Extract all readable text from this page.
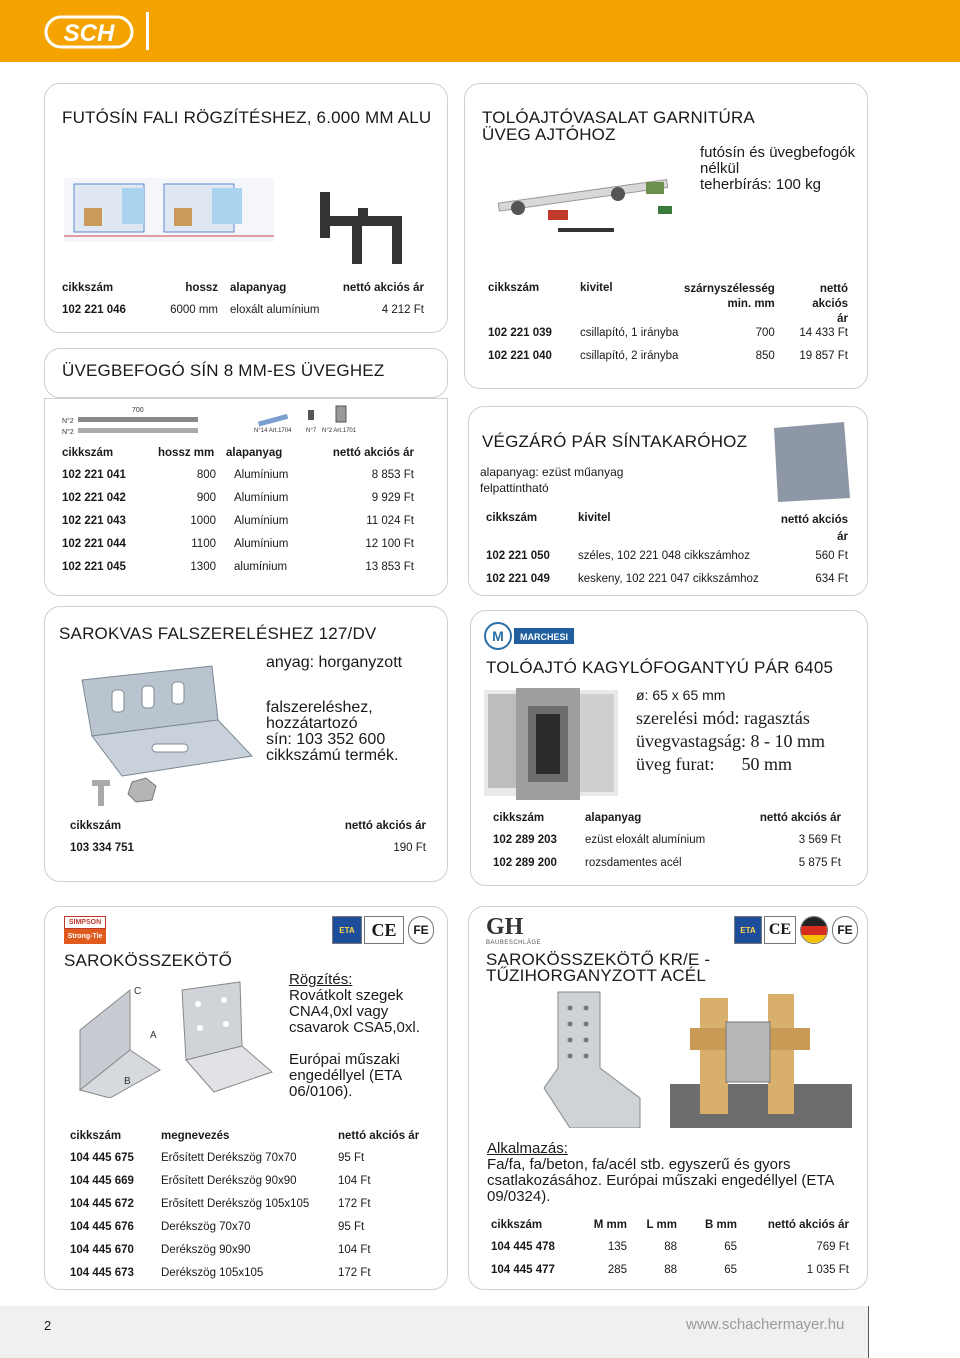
SCH
FUTÓSÍN FALI RÖGZÍTÉSHEZ, 6.000 MM ALU
cikkszám	hossz	alapanyag	nettó akciós ár
102 221 046	6000 mm	eloxált alumínium	4 212 Ft
ÜVEGBEFOGÓ SÍN 8 MM-ES ÜVEGHEZ
700
N°2
N°2	N°14 Art.1704 N°7 N°2 Art.1701
cikkszám	hossz mm	alapanyag	nettó akciós ár
102 221 041	800	Alumínium	8 853 Ft
102 221 042	900	Alumínium	9 929 Ft
102 221 043	1000	Alumínium	11 024 Ft
102 221 044	1100	Alumínium	12 100 Ft
102 221 045	1300	alumínium	13 853 Ft
TOLÓAJTÓVASALAT GARNITÚRA ÜVEG AJTÓHOZ
futósín és üvegbefogók
nélkül
teherbírás: 100 kg
cikkszám	kivitel	szárnyszélesség min. mm	nettó akciós ár
102 221 039	csillapító, 1 irányba	700	14 433 Ft
102 221 040	csillapító, 2 irányba	850	19 857 Ft
VÉGZÁRÓ PÁR SÍNTAKARÓHOZ
alapanyag: ezüst műanyag
felpattintható
cikkszám	kivitel	nettó akciós ár
102 221 050	széles, 102 221 048 cikkszámhoz	560 Ft
102 221 049	keskeny, 102 221 047 cikkszámhoz	634 Ft
SAROKVAS FALSZERELÉSHEZ 127/DV
anyag: horganyzott
falszereléshez,
hozzátartozó
sín: 103 352 600
cikkszámú termék.
cikkszám	nettó akciós ár
103 334 751	190 Ft
M MARCHESI
TOLÓAJTÓ KAGYLÓFOGANTYÚ PÁR 6405
ø: 65 x 65 mm
szerelési mód: ragasztás
üvegvastagság: 8 - 10 mm
üveg furat:      50 mm
cikkszám	alapanyag	nettó akciós ár
102 289 203	ezüst eloxált alumínium	3 569 Ft
102 289 200	rozsdamentes acél	5 875 Ft
SIMPSON
Strong-Tie
ETA CE	FE
SAROKÖSSZEKÖTŐ
C
A
B
Rögzítés:
Rovátkolt szegek
CNA4,0xl vagy
csavarok CSA5,0xl.
Európai műszaki
engedéllyel (ETA
06/0106).
cikkszám	megnevezés	nettó akciós ár
104 445 675	Erősített Derékszög 70x70	95 Ft
104 445 669	Erősített Derékszög 90x90	104 Ft
104 445 672	Erősített Derékszög 105x105	172 Ft
104 445 676	Derékszög 70x70	95 Ft
104 445 670	Derékszög 90x90	104 Ft
104 445 673	Derékszög 105x105	172 Ft
GH
BAUBESCHLÄGE
ETA CE	FE
SAROKÖSSZEKÖTŐ KR/E -
TŰZIHORGANYZOTT ACÉL
Alkalmazás:
Fa/fa, fa/beton, fa/acél stb. egyszerű és gyors
csatlakozásához. Európai műszaki engedéllyel (ETA
09/0324).
cikkszám	M mm	L mm	B mm	nettó akciós ár
104 445 478	135	88	65	769 Ft
104 445 477	285	88	65	1 035 Ft
2	www.schachermayer.hu
